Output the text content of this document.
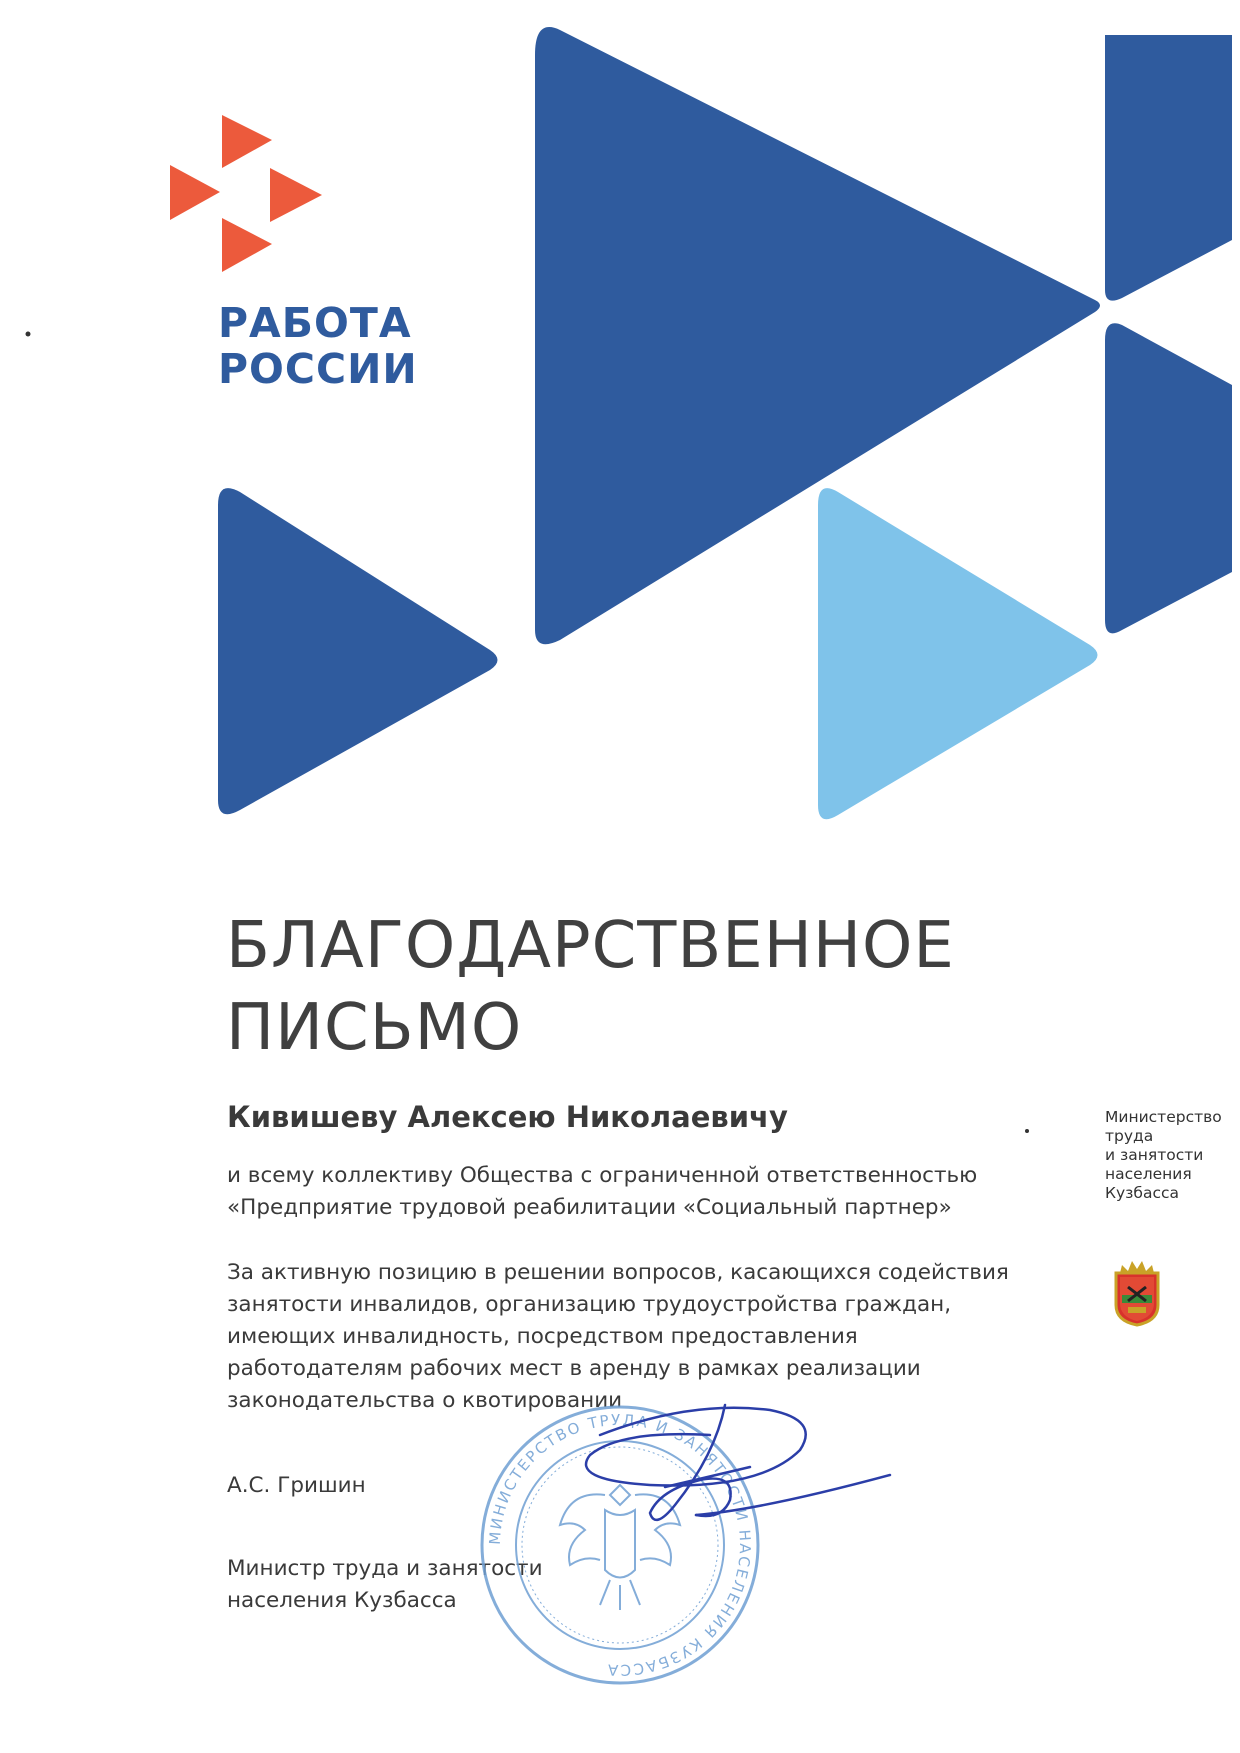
РАБОТА
РОССИИ
БЛАГОДАРСТВЕННОЕ
ПИСЬМО
Кивишеву Алексею Николаевичу
и всему коллективу Общества с ограниченной ответственностью
«Предприятие трудовой реабилитации «Социальный партнер»
За активную позицию в решении вопросов, касающихся содействия
занятости инвалидов, организацию трудоустройства граждан,
имеющих инвалидность, посредством предоставления
работодателям рабочих мест в аренду в рамках реализации
законодательства о квотировании
А.С. Гришин
Министр труда и занятости
населения Кузбасса
Министерство
труда
и занятости
населения
Кузбасса
МИНИСТЕРСТВО ТРУДА И ЗАНЯТОСТИ НАСЕЛЕНИЯ КУЗБАССА
